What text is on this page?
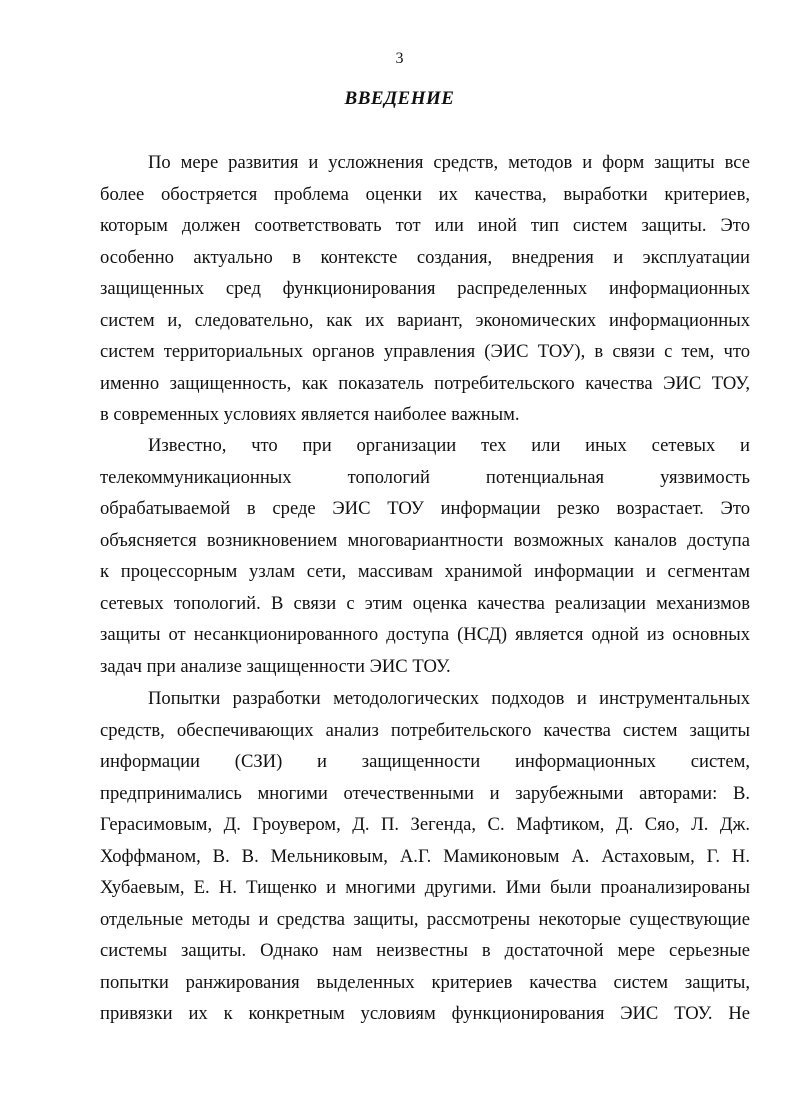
3
ВВЕДЕНИЕ
По мере развития и усложнения средств, методов и форм защиты все
более обостряется проблема оценки их качества, выработки критериев,
которым должен соответствовать тот или иной тип систем защиты. Это
особенно актуально в контексте создания, внедрения и эксплуатации
защищенных сред функционирования распределенных информационных
систем и, следовательно, как их вариант, экономических информационных
систем территориальных органов управления (ЭИС ТОУ), в связи с тем, что
именно защищенность, как показатель потребительского качества ЭИС ТОУ,
в современных условиях является наиболее важным.
Известно, что при организации тех или иных сетевых и
телекоммуникационных топологий потенциальная уязвимость
обрабатываемой в среде ЭИС ТОУ информации резко возрастает. Это
объясняется возникновением многовариантности возможных каналов доступа
к процессорным узлам сети, массивам хранимой информации и сегментам
сетевых топологий. В связи с этим оценка качества реализации механизмов
защиты от несанкционированного доступа (НСД) является одной из основных
задач при анализе защищенности ЭИС ТОУ.
Попытки разработки методологических подходов и инструментальных
средств, обеспечивающих анализ потребительского качества систем защиты
информации (СЗИ) и защищенности информационных систем,
предпринимались многими отечественными и зарубежными авторами: В.
Герасимовым, Д. Гроувером, Д. П. Зегенда, С. Мафтиком, Д. Сяо, Л. Дж.
Хоффманом, В. В. Мельниковым, А.Г. Мамиконовым А. Астаховым, Г. Н.
Хубаевым, Е. Н. Тищенко и многими другими. Ими были проанализированы
отдельные методы и средства защиты, рассмотрены некоторые существующие
системы защиты. Однако нам неизвестны в достаточной мере серьезные
попытки ранжирования выделенных критериев качества систем защиты,
привязки их к конкретным условиям функционирования ЭИС ТОУ. Не
